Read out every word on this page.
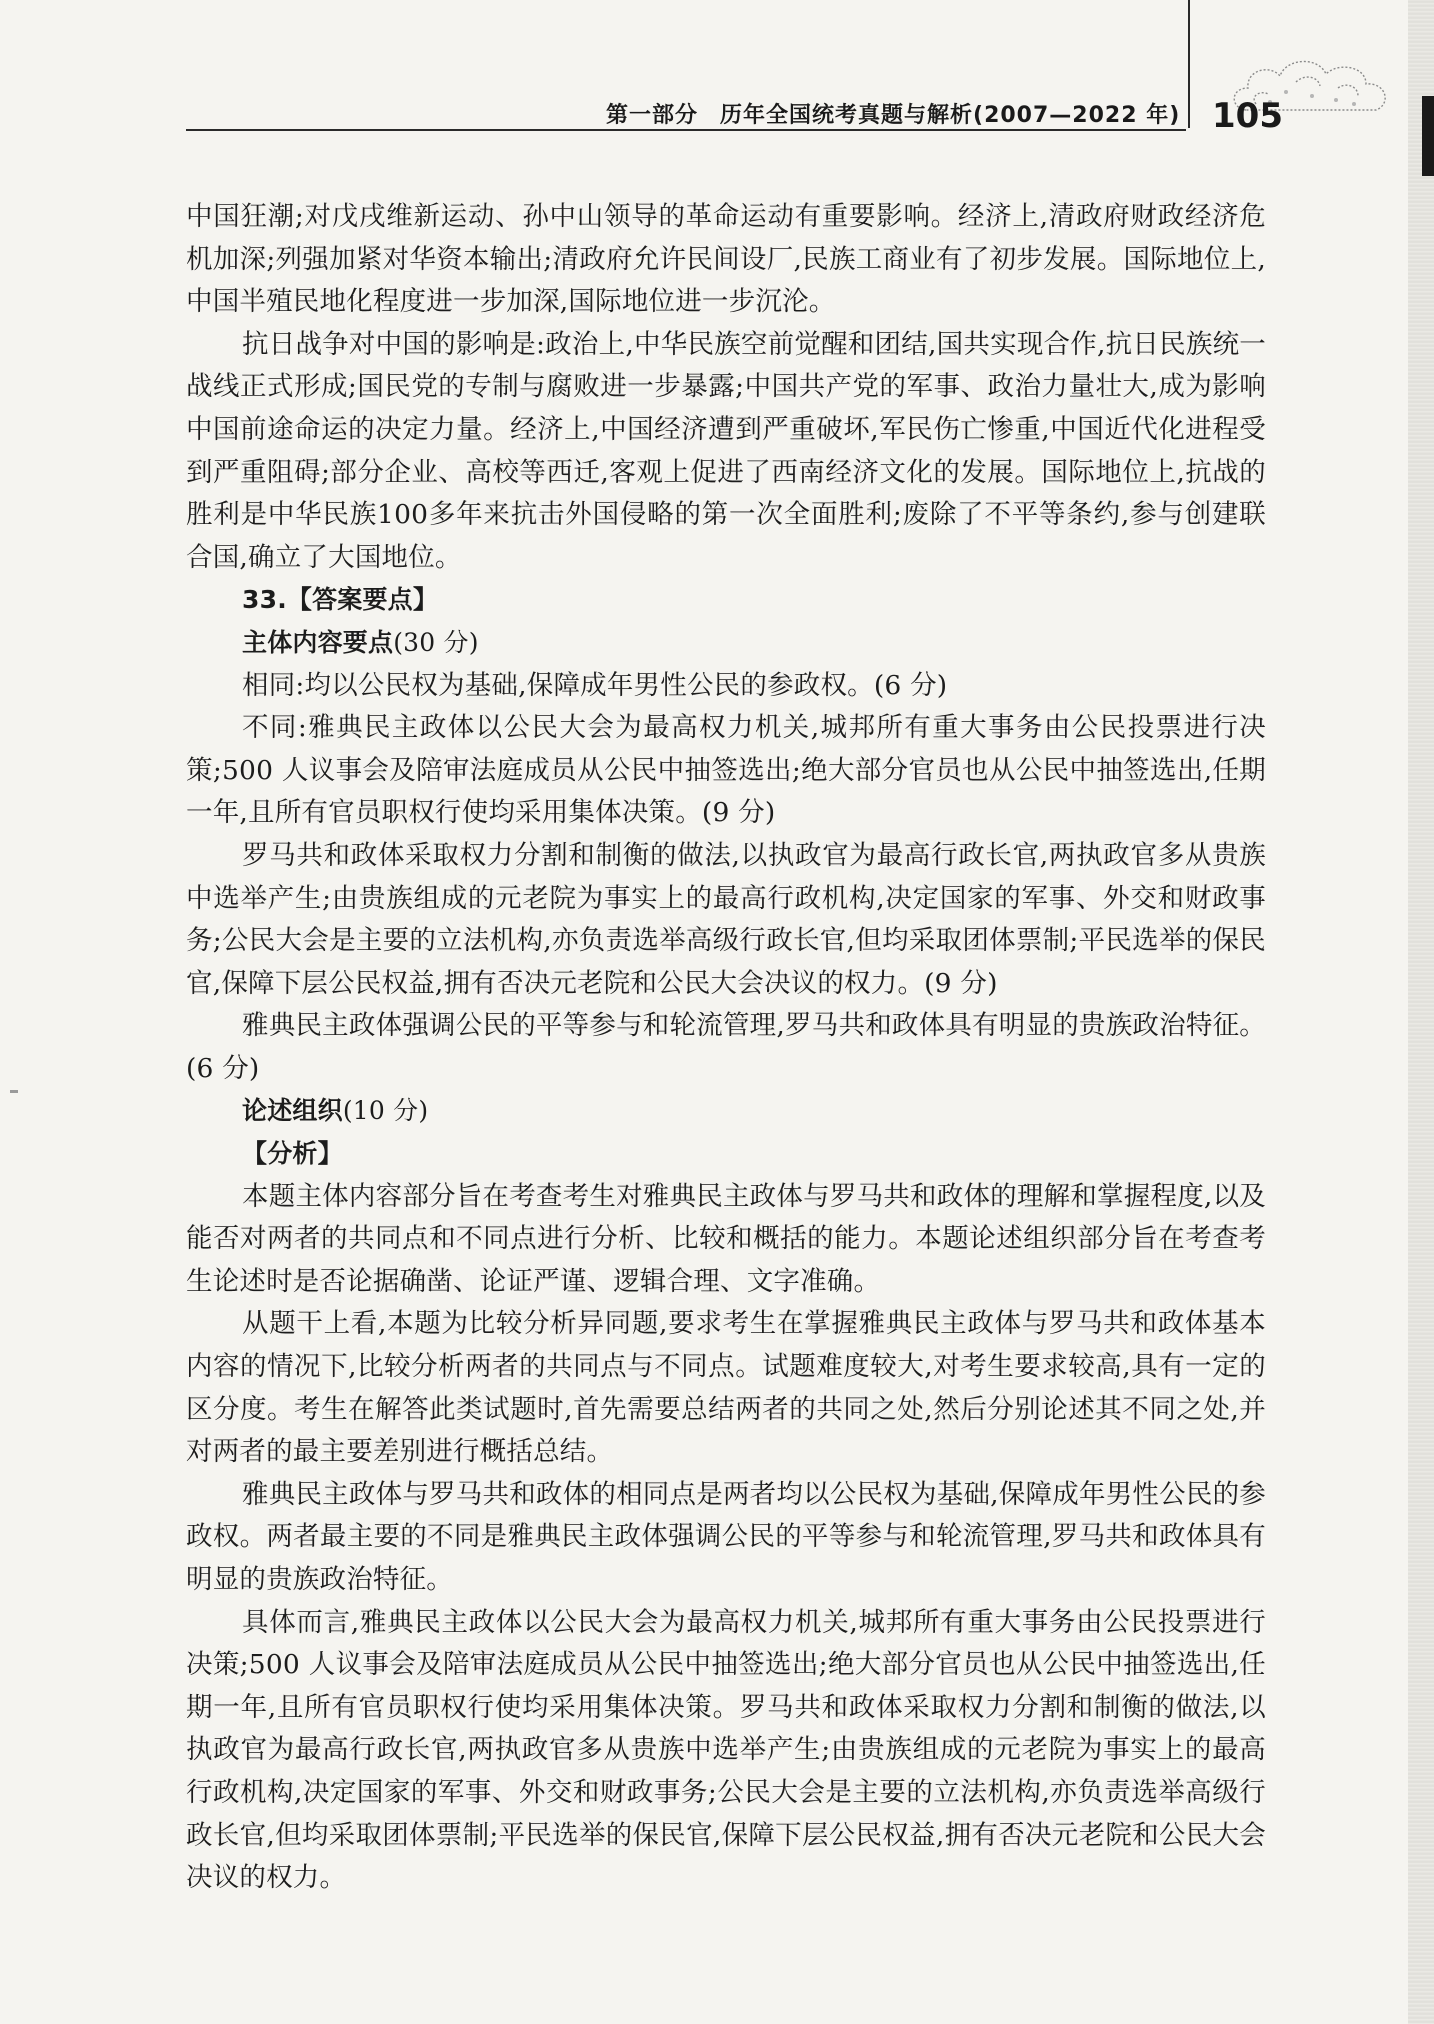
第一部分 历年全国统考真题与解析(2007—2022 年) 105

中国狂潮;对戊戌维新运动、孙中山领导的革命运动有重要影响。经济上,清政府财政经济危机加深;列强加紧对华资本输出;清政府允许民间设厂,民族工商业有了初步发展。国际地位上,中国半殖民地化程度进一步加深,国际地位进一步沉沦。

抗日战争对中国的影响是:政治上,中华民族空前觉醒和团结,国共实现合作,抗日民族统一战线正式形成;国民党的专制与腐败进一步暴露;中国共产党的军事、政治力量壮大,成为影响中国前途命运的决定力量。经济上,中国经济遭到严重破坏,军民伤亡惨重,中国近代化进程受到严重阻碍;部分企业、高校等西迁,客观上促进了西南经济文化的发展。国际地位上,抗战的胜利是中华民族100多年来抗击外国侵略的第一次全面胜利;废除了不平等条约,参与创建联合国,确立了大国地位。

33.【答案要点】

主体内容要点(30 分)

相同:均以公民权为基础,保障成年男性公民的参政权。(6 分)

不同:雅典民主政体以公民大会为最高权力机关,城邦所有重大事务由公民投票进行决策;500 人议事会及陪审法庭成员从公民中抽签选出;绝大部分官员也从公民中抽签选出,任期一年,且所有官员职权行使均采用集体决策。(9 分)

罗马共和政体采取权力分割和制衡的做法,以执政官为最高行政长官,两执政官多从贵族中选举产生;由贵族组成的元老院为事实上的最高行政机构,决定国家的军事、外交和财政事务;公民大会是主要的立法机构,亦负责选举高级行政长官,但均采取团体票制;平民选举的保民官,保障下层公民权益,拥有否决元老院和公民大会决议的权力。(9 分)

雅典民主政体强调公民的平等参与和轮流管理,罗马共和政体具有明显的贵族政治特征。(6 分)

论述组织(10 分)

【分析】

本题主体内容部分旨在考查考生对雅典民主政体与罗马共和政体的理解和掌握程度,以及能否对两者的共同点和不同点进行分析、比较和概括的能力。本题论述组织部分旨在考查考生论述时是否论据确凿、论证严谨、逻辑合理、文字准确。

从题干上看,本题为比较分析异同题,要求考生在掌握雅典民主政体与罗马共和政体基本内容的情况下,比较分析两者的共同点与不同点。试题难度较大,对考生要求较高,具有一定的区分度。考生在解答此类试题时,首先需要总结两者的共同之处,然后分别论述其不同之处,并对两者的最主要差别进行概括总结。

雅典民主政体与罗马共和政体的相同点是两者均以公民权为基础,保障成年男性公民的参政权。两者最主要的不同是雅典民主政体强调公民的平等参与和轮流管理,罗马共和政体具有明显的贵族政治特征。

具体而言,雅典民主政体以公民大会为最高权力机关,城邦所有重大事务由公民投票进行决策;500 人议事会及陪审法庭成员从公民中抽签选出;绝大部分官员也从公民中抽签选出,任期一年,且所有官员职权行使均采用集体决策。罗马共和政体采取权力分割和制衡的做法,以执政官为最高行政长官,两执政官多从贵族中选举产生;由贵族组成的元老院为事实上的最高行政机构,决定国家的军事、外交和财政事务;公民大会是主要的立法机构,亦负责选举高级行政长官,但均采取团体票制;平民选举的保民官,保障下层公民权益,拥有否决元老院和公民大会决议的权力。
